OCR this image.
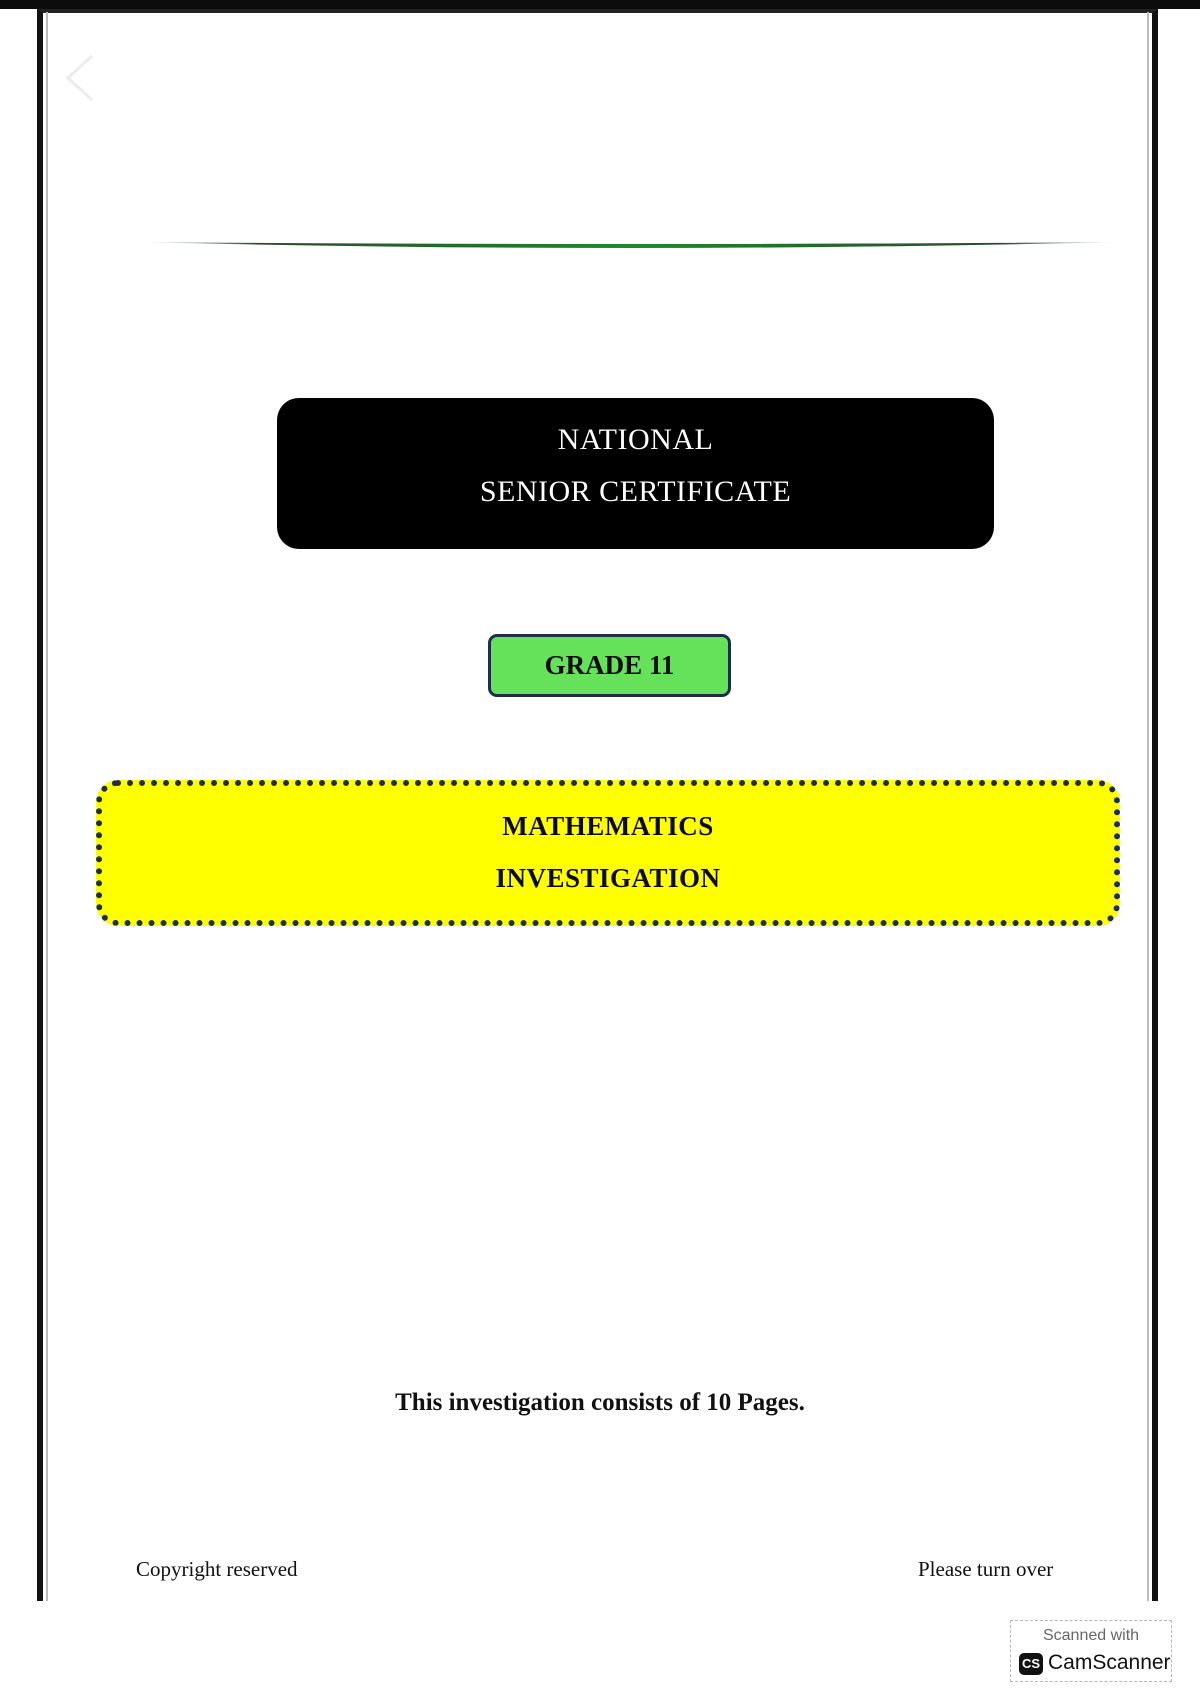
NATIONAL
SENIOR CERTIFICATE
GRADE 11
MATHEMATICS
INVESTIGATION
This investigation consists of 10 Pages.
Copyright reserved	Please turn over
Scanned with
CS CamScanner
